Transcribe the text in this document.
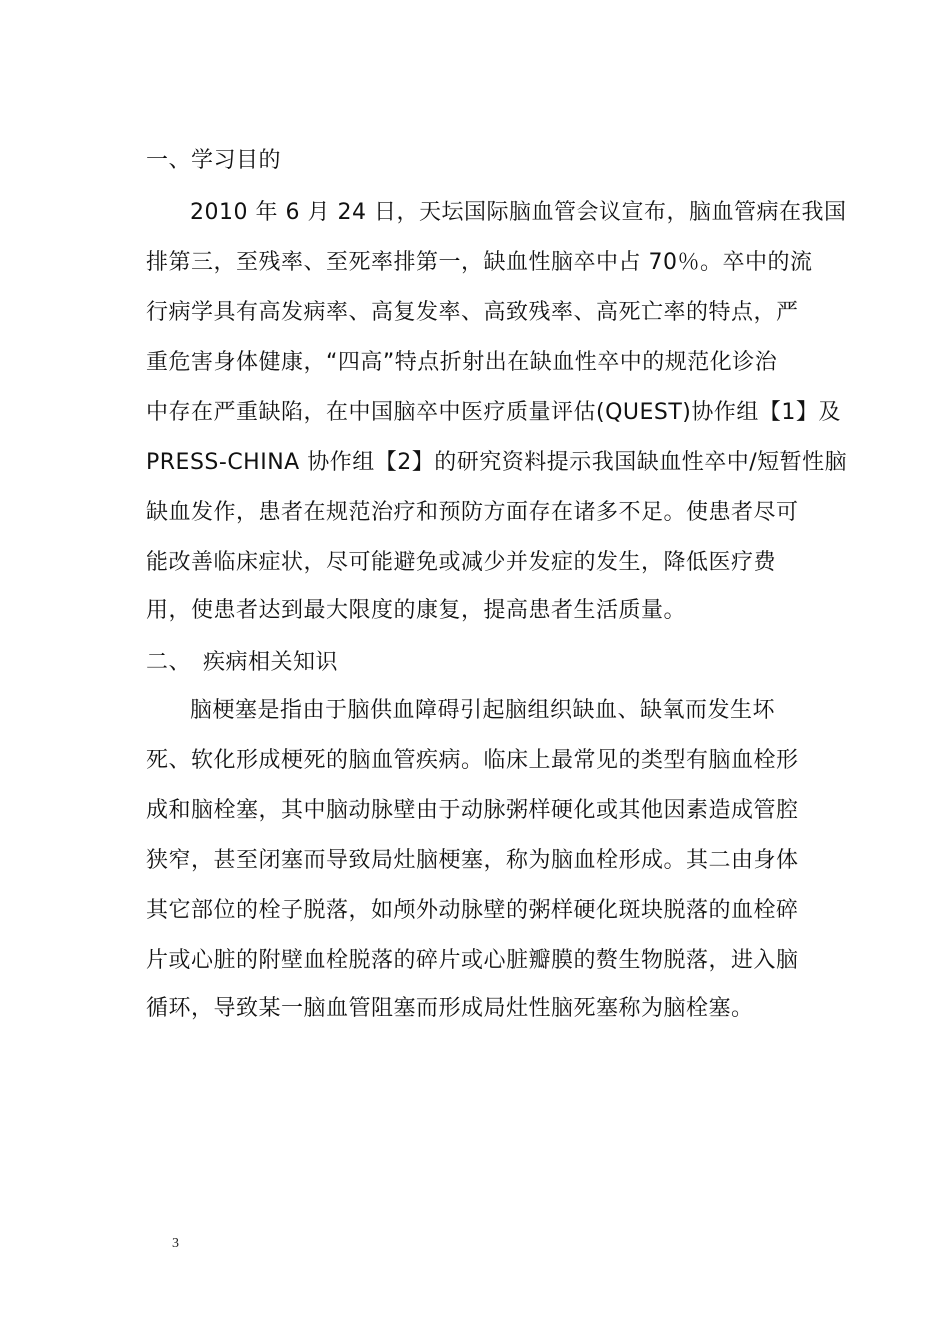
一、学习目的
2010 年 6 月 24 日，天坛国际脑血管会议宣布，脑血管病在我国
排第三，至残率、至死率排第一，缺血性脑卒中占 70％。卒中的流
行病学具有高发病率、高复发率、高致残率、高死亡率的特点，严
重危害身体健康，“四高”特点折射出在缺血性卒中的规范化诊治
中存在严重缺陷，在中国脑卒中医疗质量评估(QUEST)协作组【1】及
PRESS-CHINA 协作组【2】的研究资料提示我国缺血性卒中/短暂性脑
缺血发作，患者在规范治疗和预防方面存在诸多不足。使患者尽可
能改善临床症状，尽可能避免或减少并发症的发生，降低医疗费
用，使患者达到最大限度的康复，提高患者生活质量。
二、 疾病相关知识
脑梗塞是指由于脑供血障碍引起脑组织缺血、缺氧而发生坏
死、软化形成梗死的脑血管疾病。临床上最常见的类型有脑血栓形
成和脑栓塞，其中脑动脉壁由于动脉粥样硬化或其他因素造成管腔
狭窄，甚至闭塞而导致局灶脑梗塞，称为脑血栓形成。其二由身体
其它部位的栓子脱落，如颅外动脉壁的粥样硬化斑块脱落的血栓碎
片或心脏的附壁血栓脱落的碎片或心脏瓣膜的赘生物脱落，进入脑
循环，导致某一脑血管阻塞而形成局灶性脑死塞称为脑栓塞。
3
